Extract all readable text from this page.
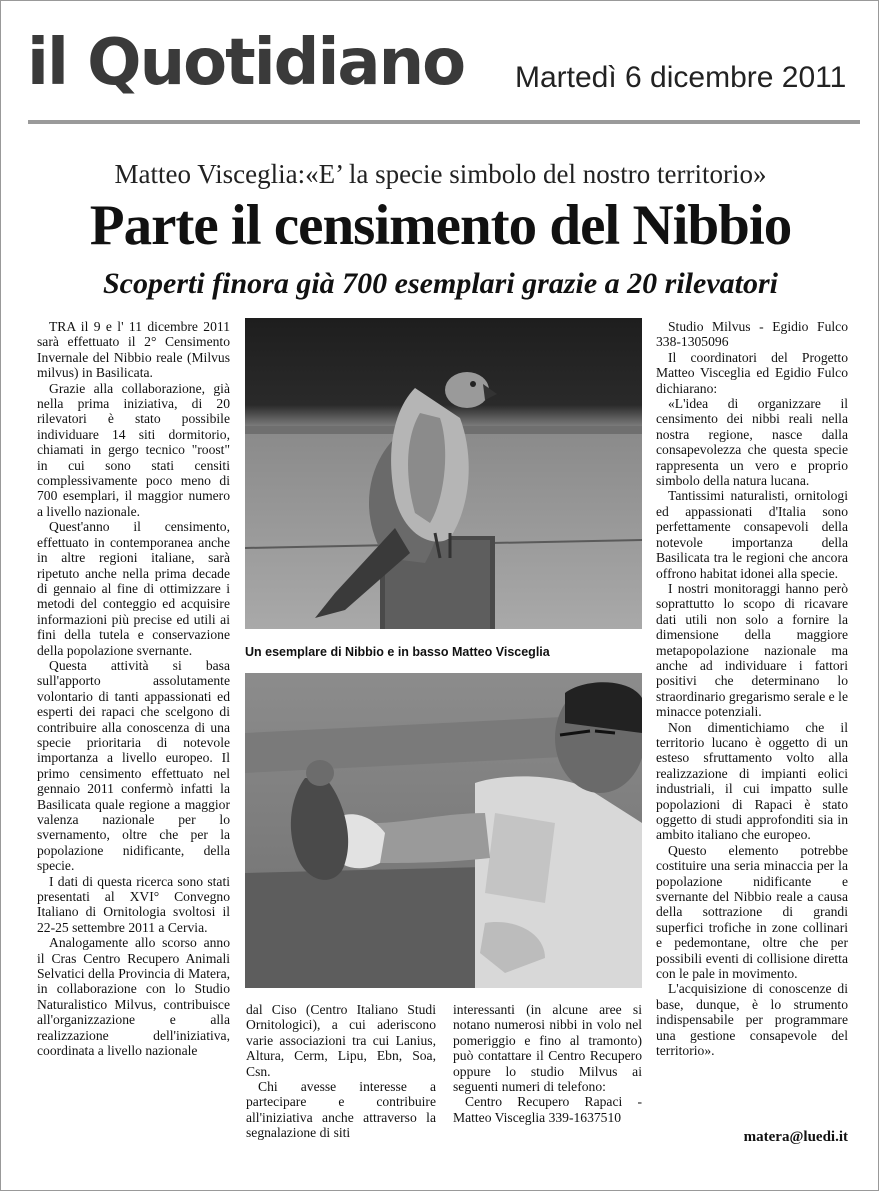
il Quotidiano Martedì 6 dicembre 2011
Matteo Visceglia:«E’ la specie simbolo del nostro territorio»
Parte il censimento del Nibbio
Scoperti finora già 700 esemplari grazie a 20 rilevatori

TRA il 9 e l' 11 dicembre 2011 sarà effettuato il 2° Censimento Invernale del Nibbio reale (Milvus milvus) in Basilicata.

Grazie alla collaborazione, già nella prima iniziativa, di 20 rilevatori è stato possibile individuare 14 siti dormitorio, chiamati in gergo tecnico "roost" in cui sono stati censiti complessivamente poco meno di 700 esemplari, il maggior numero a livello nazionale.

Quest'anno il censimento, effettuato in contemporanea anche in altre regioni italiane, sarà ripetuto anche nella prima decade di gennaio al fine di ottimizzare i metodi del conteggio ed acquisire informazioni più precise ed utili ai fini della tutela e conservazione della popolazione svernante.

Questa attività si basa sull'apporto assolutamente volontario di tanti appassionati ed esperti dei rapaci che scelgono di contribuire alla conoscenza di una specie prioritaria di notevole importanza a livello europeo. Il primo censimento effettuato nel gennaio 2011 confermò infatti la Basilicata quale regione a maggior valenza nazionale per lo svernamento, oltre che per la popolazione nidificante, della specie.

I dati di questa ricerca sono stati presentati al XVI° Convegno Italiano di Ornitologia svoltosi il 22-25 settembre 2011 a Cervia.

Analogamente allo scorso anno il Cras Centro Recupero Animali Selvatici della Provincia di Matera, in collaborazione con lo Studio Naturalistico Milvus, contribuisce all'organizzazione e alla realizzazione dell'iniziativa, coordinata a livello nazionale

Un esemplare di Nibbio e in basso Matteo Visceglia

dal Ciso (Centro Italiano Studi Ornitologici), a cui aderiscono varie associazioni tra cui Lanius, Altura, Cerm, Lipu, Ebn, Soa, Csn.

Chi avesse interesse a partecipare e contribuire all'iniziativa anche attraverso la segnalazione di siti

interessanti (in alcune aree si notano numerosi nibbi in volo nel pomeriggio e fino al tramonto) può contattare il Centro Recupero oppure lo studio Milvus ai seguenti numeri di telefono:

Centro Recupero Rapaci - Matteo Visceglia 339-1637510

Studio Milvus - Egidio Fulco 338-1305096

Il coordinatori del Progetto Matteo Visceglia ed Egidio Fulco dichiarano:

«L'idea di organizzare il censimento dei nibbi reali nella nostra regione, nasce dalla consapevolezza che questa specie rappresenta un vero e proprio simbolo della natura lucana.

Tantissimi naturalisti, ornitologi ed appassionati d'Italia sono perfettamente consapevoli della notevole importanza della Basilicata tra le regioni che ancora offrono habitat idonei alla specie.

I nostri monitoraggi hanno però soprattutto lo scopo di ricavare dati utili non solo a fornire la dimensione della maggiore metapopolazione nazionale ma anche ad individuare i fattori positivi che determinano lo straordinario gregarismo serale e le minacce potenziali.

Non dimentichiamo che il territorio lucano è oggetto di un esteso sfruttamento volto alla realizzazione di impianti eolici industriali, il cui impatto sulle popolazioni di Rapaci è stato oggetto di studi approfonditi sia in ambito italiano che europeo.

Questo elemento potrebbe costituire una seria minaccia per la popolazione nidificante e svernante del Nibbio reale a causa della sottrazione di grandi superfici trofiche in zone collinari e pedemontane, oltre che per possibili eventi di collisione diretta con le pale in movimento.

L'acquisizione di conoscenze di base, dunque, è lo strumento indispensabile per programmare una gestione consapevole del territorio».

matera@luedi.it
